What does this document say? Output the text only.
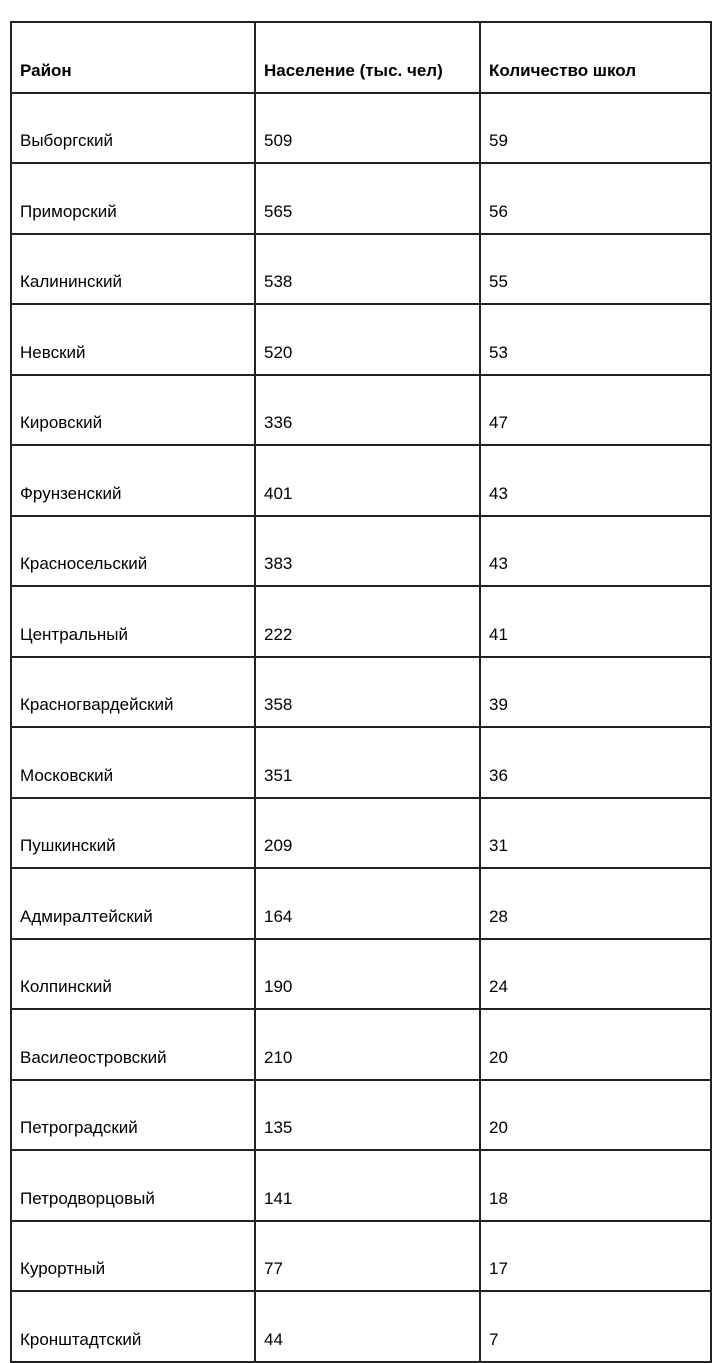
Район	Население (тыс. чел)	Количество школ
Выборгский	509	59
Приморский	565	56
Калининский	538	55
Невский	520	53
Кировский	336	47
Фрунзенский	401	43
Красносельский	383	43
Центральный	222	41
Красногвардейский	358	39
Московский	351	36
Пушкинский	209	31
Адмиралтейский	164	28
Колпинский	190	24
Василеостровский	210	20
Петроградский	135	20
Петродворцовый	141	18
Курортный	77	17
Кронштадтский	44	7
